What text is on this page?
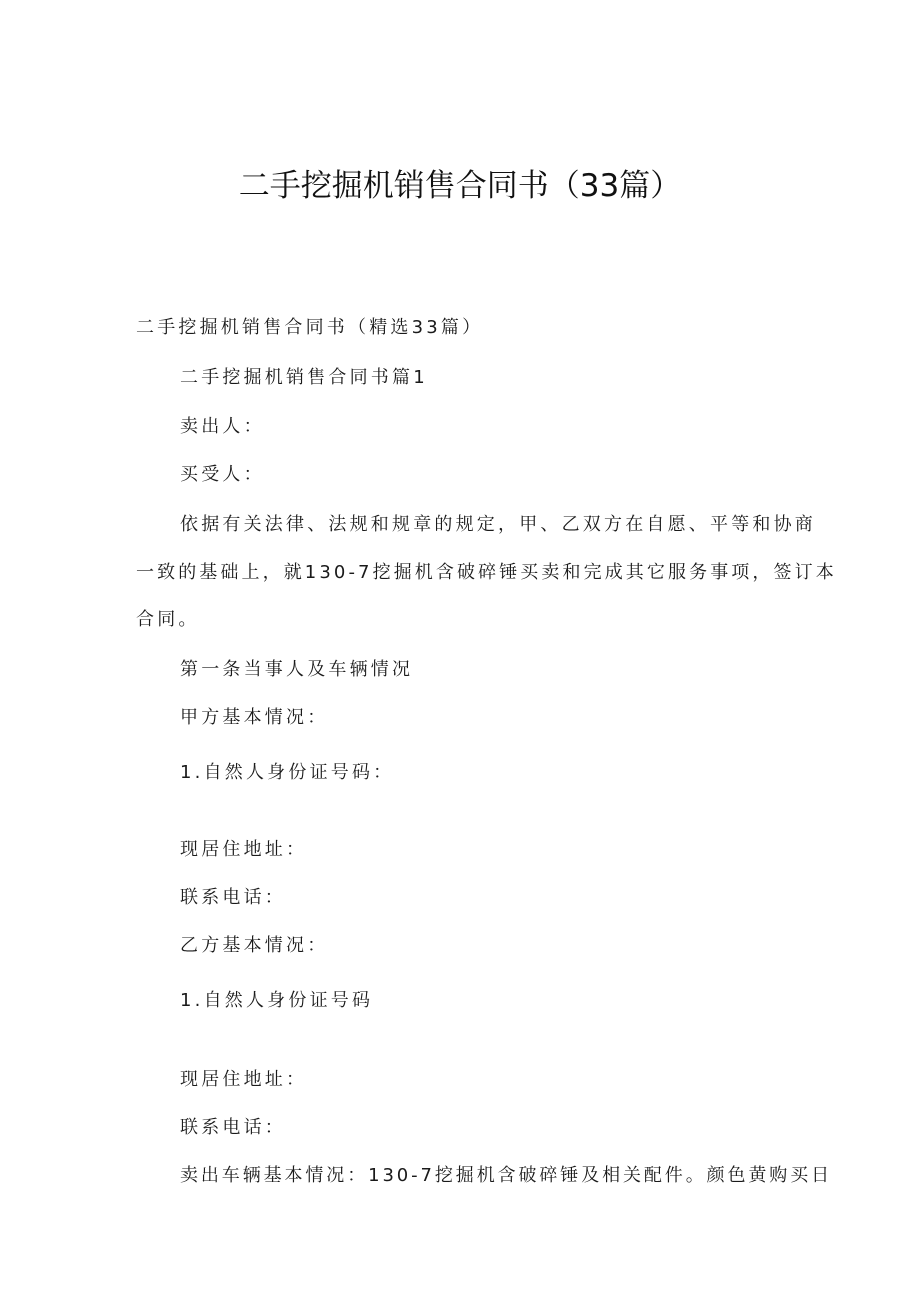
二手挖掘机销售合同书（33篇）
二手挖掘机销售合同书（精选33篇）
二手挖掘机销售合同书篇1
卖出人：
买受人：
依据有关法律、法规和规章的规定，甲、乙双方在自愿、平等和协商
一致的基础上，就130-7挖掘机含破碎锤买卖和完成其它服务事项，签订本
合同。
第一条当事人及车辆情况
甲方基本情况：
1.自然人身份证号码：
现居住地址：
联系电话：
乙方基本情况：
1.自然人身份证号码
现居住地址：
联系电话：
卖出车辆基本情况：130-7挖掘机含破碎锤及相关配件。颜色黄购买日
